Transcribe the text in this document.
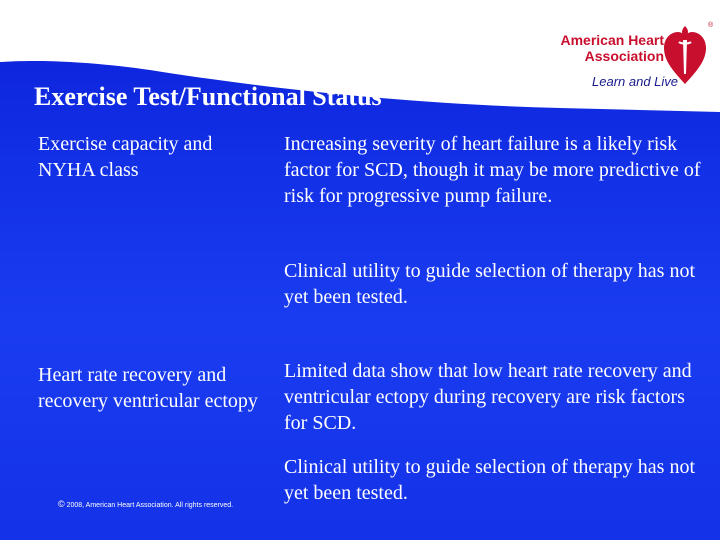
American Heart
Association
®
Learn and Live
Exercise Test/Functional Status
Exercise capacity and NYHA class
Increasing severity of heart failure is a likely risk factor for SCD, though it may be more predictive of risk for progressive pump failure.
Clinical utility to guide selection of therapy has not yet been tested.
Heart rate recovery and recovery ventricular ectopy
Limited data show that low heart rate recovery and ventricular ectopy during recovery are risk factors for SCD.
Clinical utility to guide selection of therapy has not yet been tested.
© 2008, American Heart Association. All rights reserved.
